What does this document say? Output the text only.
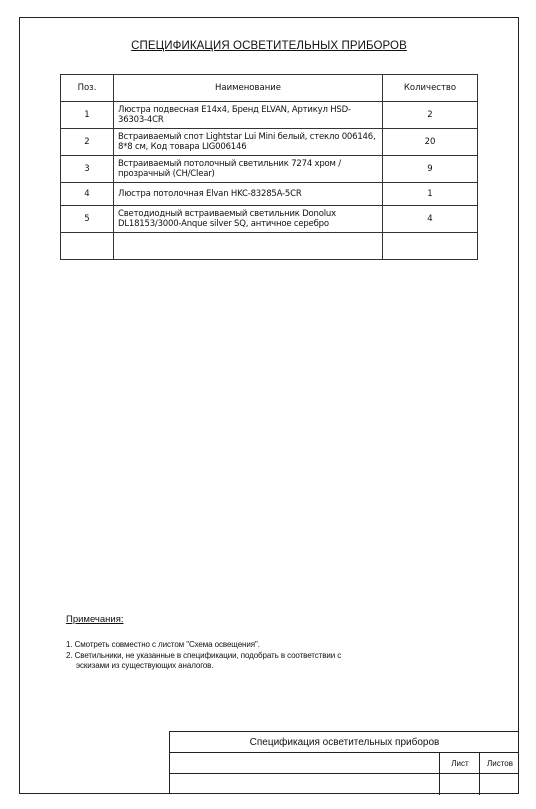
СПЕЦИФИКАЦИЯ ОСВЕТИТЕЛЬНЫХ ПРИБОРОВ
Поз.	Наименование	Количество
1	Люстра подвесная E14x4, Бренд ELVAN, Артикул HSD-36303-4CR	2
2	Встраиваемый спот Lightstar Lui Mini белый, стекло 006146, 8*8 см, Код товара LIG006146	20
3	Встраиваемый потолочный светильник 7274 хром / прозрачный (CH/Clear)	9
4	Люстра потолочная Elvan HKC-83285A-5CR	1
5	Светодиодный встраиваемый светильник Donolux DL18153/3000-Anque silver SQ, античное серебро	4

Примечания:
1. Смотреть совместно с листом "Схема освещения".
2. Светильники, не указанные в спецификации, подобрать в соответствии с
эскизами из существующих аналогов.
Спецификация осветительных приборов
Лист	Листов
